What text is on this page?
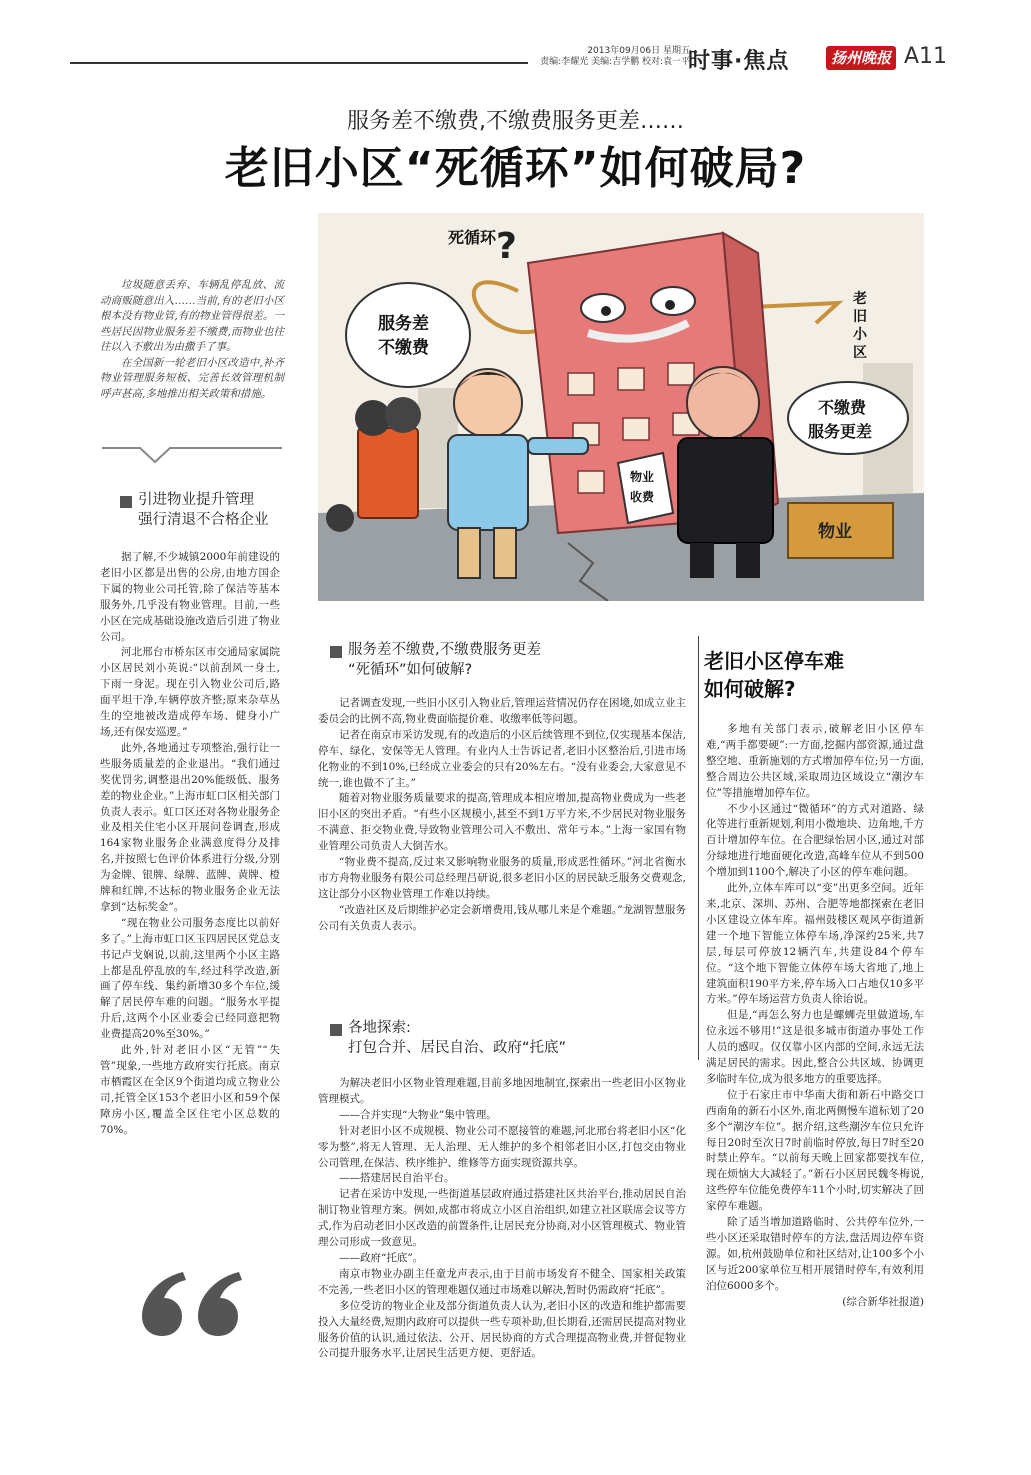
2013年09月06日 星期五
责编:李耀光 美编:吉学鹏 校对:袁一平
时事·焦点	扬州晚报 A11
服务差不缴费,不缴费服务更差……
老旧小区“死循环”如何破局?
?
死循环
服务差
不缴费
不缴费
服务更差
老
旧
小
区
物业
收费
物业

垃圾随意丢弃、车辆乱停乱放、流动商贩随意出入……当前,有的老旧小区根本没有物业管,有的物业管得很差。一些居民因物业服务差不缴费,而物业也往往以入不敷出为由撒手了事。

在全国新一轮老旧小区改造中,补齐物业管理服务短板、完善长效管理机制呼声甚高,多地推出相关政策和措施。

引进物业提升管理
强行清退不合格企业

据了解,不少城镇2000年前建设的老旧小区都是出售的公房,由地方国企下属的物业公司托管,除了保洁等基本服务外,几乎没有物业管理。目前,一些小区在完成基础设施改造后引进了物业公司。

河北邢台市桥东区市交通局家属院小区居民刘小英说:“以前刮风一身土,下雨一身泥。现在引入物业公司后,路面平坦干净,车辆停放齐整;原来杂草丛生的空地被改造成停车场、健身小广场,还有保安巡逻。”

此外,各地通过专项整治,强行让一些服务质量差的企业退出。“我们通过奖优罚劣,调整退出20%能级低、服务差的物业企业。”上海市虹口区相关部门负责人表示。虹口区还对各物业服务企业及相关住宅小区开展问卷调查,形成164家物业服务企业满意度得分及排名,并按照七色评价体系进行分级,分别为金牌、银牌、绿牌、蓝牌、黄牌、橙牌和红牌,不达标的物业服务企业无法拿到“达标奖金”。

“现在物业公司服务态度比以前好多了。”上海市虹口区玉四居民区党总支书记卢戈娴说,以前,这里两个小区主路上都是乱停乱放的车,经过科学改造,新画了停车线、集约新增30多个车位,缓解了居民停车难的问题。“服务水平提升后,这两个小区业委会已经同意把物业费提高20%至30%。”

此外,针对老旧小区“无管”“失管”现象,一些地方政府实行托底。南京市栖霞区在全区9个街道均成立物业公司,托管全区153个老旧小区和59个保障房小区,覆盖全区住宅小区总数的70%。

服务差不缴费,不缴费服务更差
“死循环”如何破解?

记者调查发现,一些旧小区引入物业后,管理运营情况仍存在困境,如成立业主委员会的比例不高,物业费面临提价难、收缴率低等问题。

记者在南京市采访发现,有的改造后的小区后续管理不到位,仅实现基本保洁,停车、绿化、安保等无人管理。有业内人士告诉记者,老旧小区整治后,引进市场化物业的不到10%,已经成立业委会的只有20%左右。“没有业委会,大家意见不统一,谁也做不了主。”

随着对物业服务质量要求的提高,管理成本相应增加,提高物业费成为一些老旧小区的突出矛盾。“有些小区规模小,甚至不到1万平方米,不少居民对物业服务不满意、拒交物业费,导致物业管理公司入不敷出、常年亏本。”上海一家国有物业管理公司负责人大倒苦水。

“物业费不提高,反过来又影响物业服务的质量,形成恶性循环。”河北省衡水市方舟物业服务有限公司总经理吕研说,很多老旧小区的居民缺乏服务交费观念,这让部分小区物业管理工作难以持续。

“改造社区及后期维护必定会新增费用,钱从哪儿来是个难题。”龙湖智慧服务公司有关负责人表示。

各地探索:
打包合并、居民自治、政府“托底”

为解决老旧小区物业管理难题,目前多地因地制宜,探索出一些老旧小区物业管理模式。

——合并实现“大物业”集中管理。

针对老旧小区不成规模、物业公司不愿接管的难题,河北邢台将老旧小区“化零为整”,将无人管理、无人治理、无人维护的多个相邻老旧小区,打包交由物业公司管理,在保洁、秩序维护、维修等方面实现资源共享。

——搭建居民自治平台。

记者在采访中发现,一些街道基层政府通过搭建社区共治平台,推动居民自治制订物业管理方案。例如,成都市将成立小区自治组织,如建立社区联席会议等方式,作为启动老旧小区改造的前置条件,让居民充分协商,对小区管理模式、物业管理公司形成一致意见。

——政府“托底”。

南京市物业办副主任童龙声表示,由于目前市场发育不健全、国家相关政策不完善,一些老旧小区的管理难题仅通过市场难以解决,暂时仍需政府“托底”。

多位受访的物业企业及部分街道负责人认为,老旧小区的改造和维护都需要投入大量经费,短期内政府可以提供一些专项补助,但长期看,还需居民提高对物业服务价值的认识,通过依法、公开、居民协商的方式合理提高物业费,并督促物业公司提升服务水平,让居民生活更方便、更舒适。

老旧小区停车难
如何破解?

多地有关部门表示,破解老旧小区停车难,“两手都要硬”:一方面,挖掘内部资源,通过盘整空地、重新施划的方式增加停车位;另一方面,整合周边公共区域,采取周边区域设立“潮汐车位”等措施增加停车位。

不少小区通过“微循环”的方式对道路、绿化等进行重新规划,利用小微地块、边角地,千方百计增加停车位。在合肥绿怡居小区,通过对部分绿地进行地面硬化改造,高峰车位从不到500个增加到1100个,解决了小区的停车难问题。

此外,立体车库可以“变”出更多空间。近年来,北京、深圳、苏州、合肥等地都探索在老旧小区建设立体车库。福州鼓楼区观风亭街道新建一个地下智能立体停车场,净深约25米,共7层,每层可停放12辆汽车,共建设84个停车位。“这个地下智能立体停车场大省地了,地上建筑面积190平方米,停车场入口占地仅10多平方米。”停车场运营方负责人徐诒说。

但是,“再怎么努力也是螺蛳壳里做道场,车位永远不够用!”这是很多城市街道办事处工作人员的感叹。仅仅靠小区内部的空间,永远无法满足居民的需求。因此,整合公共区域、协调更多临时车位,成为很多地方的重要选择。

位于石家庄市中华南大街和新石中路交口西南角的新石小区外,南北两侧慢车道标划了20多个“潮汐车位”。据介绍,这些潮汐车位只允许每日20时至次日7时前临时停放,每日7时至20时禁止停车。“以前每天晚上回家都要找车位,现在烦恼大大减轻了。”新石小区居民魏冬梅说,这些停车位能免费停车11个小时,切实解决了回家停车难题。

除了适当增加道路临时、公共停车位外,一些小区还采取错时停车的方法,盘活周边停车资源。如,杭州鼓励单位和社区结对,让100多个小区与近200家单位互相开展错时停车,有效利用泊位6000多个。

(综合新华社报道)
